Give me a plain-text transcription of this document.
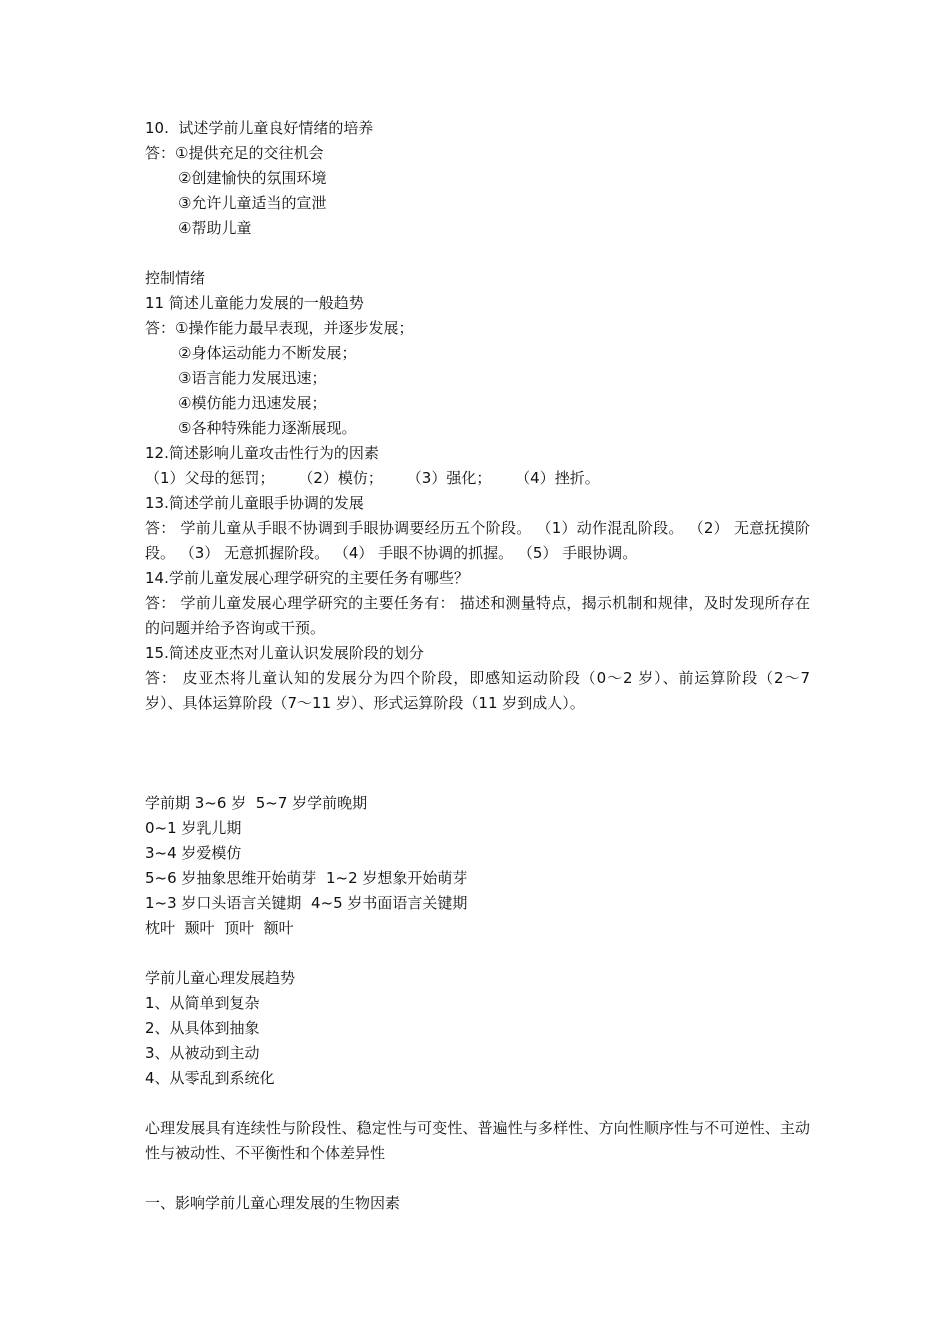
10.  试述学前儿童良好情绪的培养
答：①提供充足的交往机会
②创建愉快的氛围环境
③允许儿童适当的宣泄
④帮助儿童
控制情绪
11 简述儿童能力发展的一般趋势
答：①操作能力最早表现，并逐步发展；
②身体运动能力不断发展；
③语言能力发展迅速；
④模仿能力迅速发展；
⑤各种特殊能力逐渐展现。
12.简述影响儿童攻击性行为的因素
（1）父母的惩罚；     （2）模仿；     （3）强化；     （4）挫折。
13.简述学前儿童眼手协调的发展
答： 学前儿童从手眼不协调到手眼协调要经历五个阶段。 （1）动作混乱阶段。 （2） 无意抚摸阶段。 （3） 无意抓握阶段。 （4） 手眼不协调的抓握。 （5） 手眼协调。
14.学前儿童发展心理学研究的主要任务有哪些？
答： 学前儿童发展心理学研究的主要任务有： 描述和测量特点，揭示机制和规律，及时发现所存在的问题并给予咨询或干预。
15.简述皮亚杰对儿童认识发展阶段的划分
答： 皮亚杰将儿童认知的发展分为四个阶段，即感知运动阶段（0～2 岁）、前运算阶段（2～7 岁）、具体运算阶段（7～11 岁）、形式运算阶段（11 岁到成人）。
学前期 3~6 岁  5~7 岁学前晚期
0~1 岁乳儿期
3~4 岁爱模仿
5~6 岁抽象思维开始萌芽  1~2 岁想象开始萌芽
1~3 岁口头语言关键期  4~5 岁书面语言关键期
枕叶  颞叶  顶叶  额叶
学前儿童心理发展趋势
1、从简单到复杂
2、从具体到抽象
3、从被动到主动
4、从零乱到系统化
心理发展具有连续性与阶段性、稳定性与可变性、普遍性与多样性、方向性顺序性与不可逆性、主动性与被动性、不平衡性和个体差异性
一、影响学前儿童心理发展的生物因素
